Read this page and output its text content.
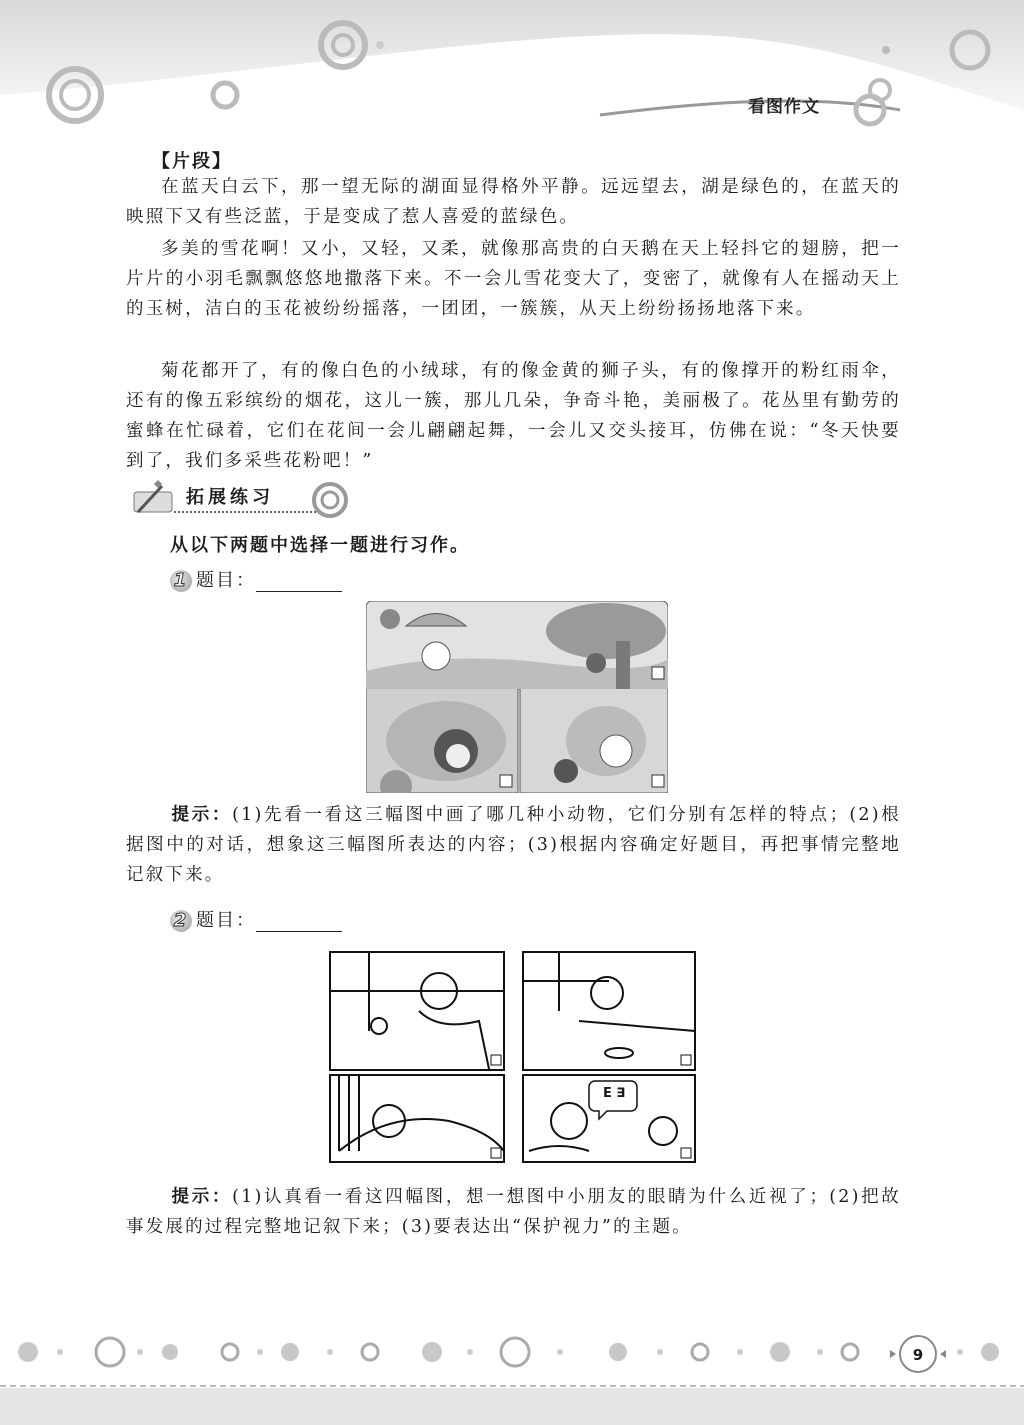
看图作文
【片段】

在蓝天白云下，那一望无际的湖面显得格外平静。远远望去，湖是绿色的，在蓝天的映照下又有些泛蓝，于是变成了惹人喜爱的蓝绿色。

多美的雪花啊！又小，又轻，又柔，就像那高贵的白天鹅在天上轻抖它的翅膀，把一片片的小羽毛飘飘悠悠地撒落下来。不一会儿雪花变大了，变密了，就像有人在摇动天上的玉树，洁白的玉花被纷纷摇落，一团团，一簇簇，从天上纷纷扬扬地落下来。

菊花都开了，有的像白色的小绒球，有的像金黄的狮子头，有的像撑开的粉红雨伞，还有的像五彩缤纷的烟花，这儿一簇，那儿几朵，争奇斗艳，美丽极了。花丛里有勤劳的蜜蜂在忙碌着，它们在花间一会儿翩翩起舞，一会儿又交头接耳，仿佛在说：“冬天快要到了，我们多采些花粉吧！”

拓展练习
从以下两题中选择一题进行习作。
1 题目：

提示：(1)先看一看这三幅图中画了哪几种小动物，它们分别有怎样的特点；(2)根据图中的对话，想象这三幅图所表达的内容；(3)根据内容确定好题目，再把事情完整地记叙下来。

2 题目：
E ∃

提示：(1)认真看一看这四幅图，想一想图中小朋友的眼睛为什么近视了；(2)把故事发展的过程完整地记叙下来；(3)要表达出“保护视力”的主题。

9
